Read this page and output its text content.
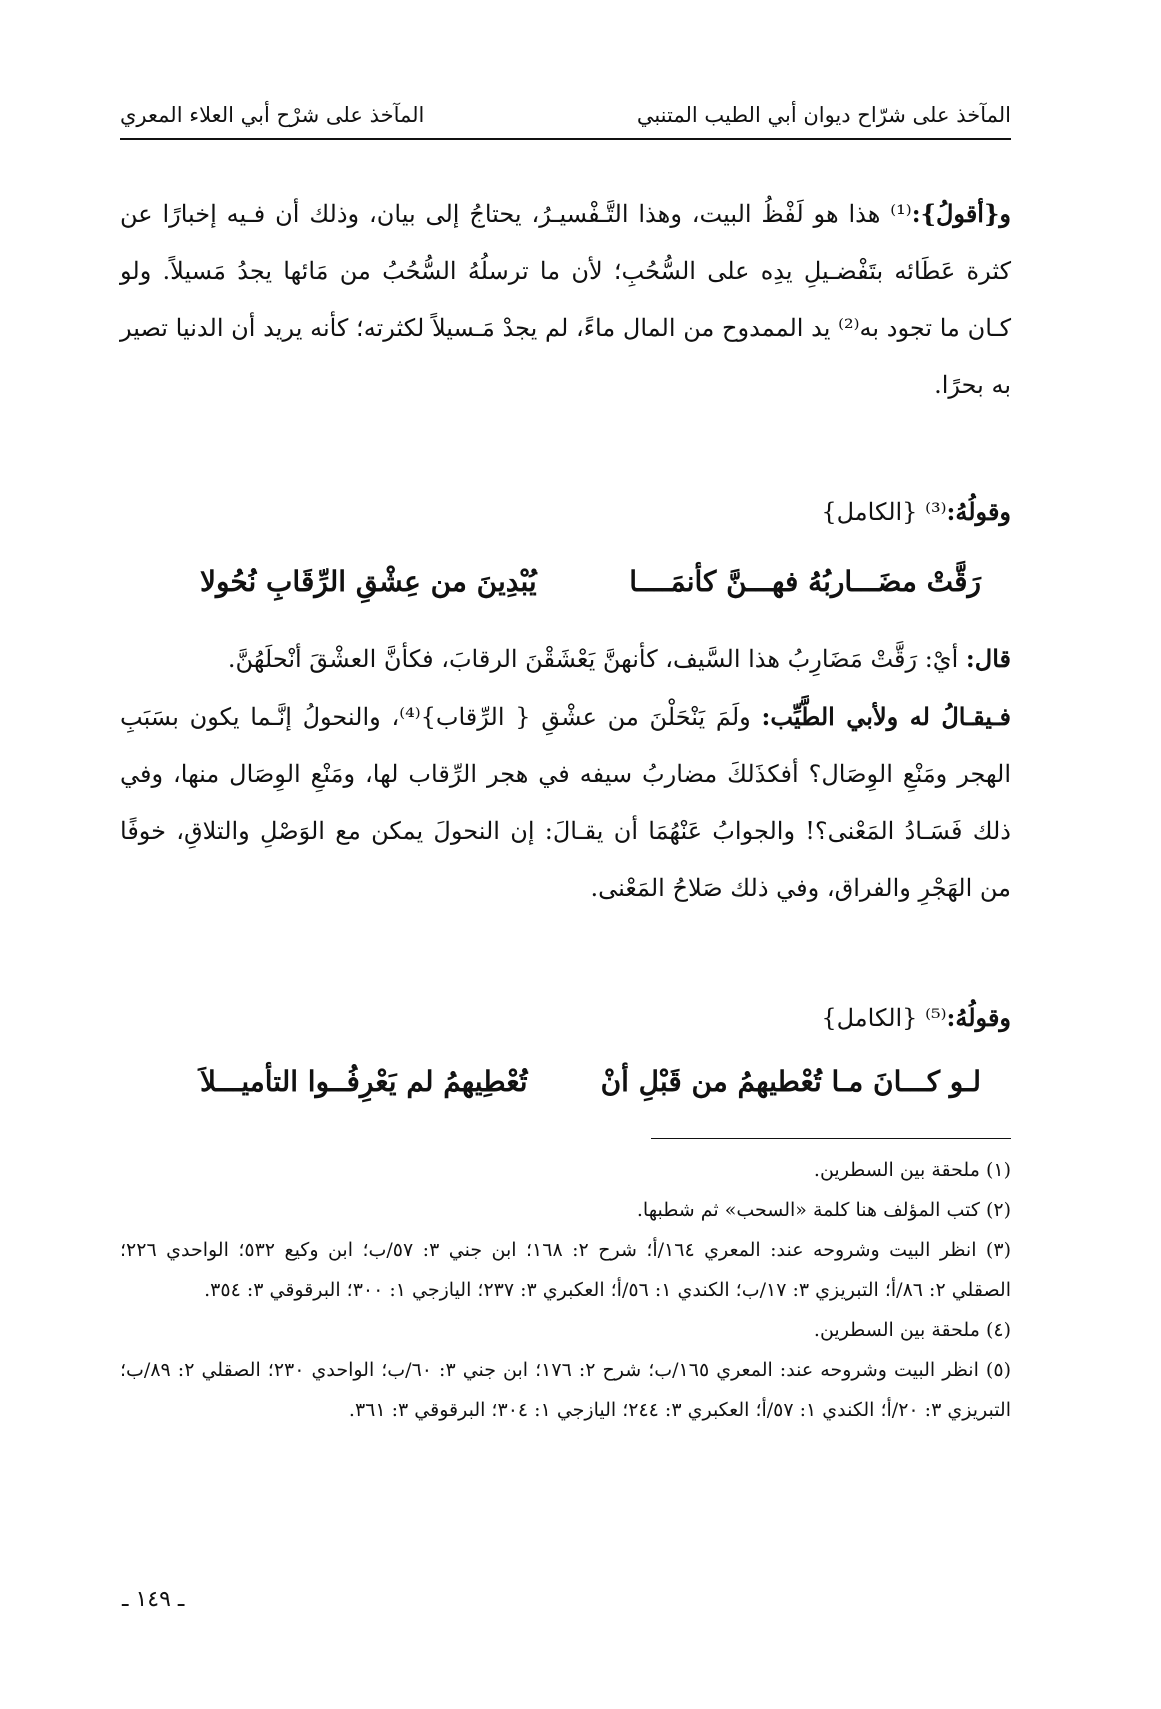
المآخذ على شرّاح ديوان أبي الطيب المتنبي
المآخذ على شرْح أبي العلاء المعري
و{أقولُ}:⁽¹⁾ هذا هو لَفْظُ البيت، وهذا التَّـفْسيـرُ، يحتاجُ إلى بيان، وذلك أن فـيه إخبارًا عن كثرة عَطَائه بتَفْضـيلِ يدِه على السُّحُبِ؛ لأن ما ترسلُهُ السُّحُبُ من مَائها يجدُ مَسيلاً. ولو كـان ما تجود به⁽²⁾ يد الممدوح من المال ماءً، لم يجدْ مَـسيلاً لكثرته؛ كأنه يريد أن الدنيا تصير به بحرًا.
وقولُهُ:⁽³⁾ {الكامل}
رَقَّتْ مضَـــاربُهُ فهـــنَّ كأنمَــــا
يُبْدِينَ من عِشْقِ الرِّقَابِ نُحُولا
قال: أيْ: رَقَّتْ مَضَارِبُ هذا السَّيف، كأنهنَّ يَعْشَقْنَ الرقابَ، فكأنَّ العشْقَ أنْحلَهُنَّ.
فـيقـالُ له ولأبي الطَّيِّب: ولَمَ يَنْحَلْنَ من عشْقِ { الرِّقاب}⁽⁴⁾، والنحولُ إنَّـما يكون بسَبَبِ الهجر ومَنْعِ الوِصَال؟ أفكذَلكَ مضاربُ سيفه في هجر الرِّقاب لها، ومَنْعِ الوِصَال منها، وفي ذلك فَسَـادُ المَعْنى؟! والجوابُ عَنْهُمَا أن يقـالَ: إن النحولَ يمكن مع الوَصْلِ والتلاقِ، خوفًا من الهَجْرِ والفراق، وفي ذلك صَلاحُ المَعْنى.
وقولُهُ:⁽⁵⁾ {الكامل}
لـو كـــانَ مـا تُعْطيهمُ من قَبْلِ أنْ
تُعْطِيهمُ لم يَعْرِفُــوا التأميـــلاَ
(١) ملحقة بين السطرين.
(٢) كتب المؤلف هنا كلمة «السحب» ثم شطبها.
(٣) انظر البيت وشروحه عند: المعري ١٦٤/أ؛ شرح ٢: ١٦٨؛ ابن جني ٣: ٥٧/ب؛ ابن وكيع ٥٣٢؛ الواحدي ٢٢٦؛ الصقلي ٢: ٨٦/أ؛ التبريزي ٣: ١٧/ب؛ الكندي ١: ٥٦/أ؛ العكبري ٣: ٢٣٧؛ اليازجي ١: ٣٠٠؛ البرقوقي ٣: ٣٥٤.
(٤) ملحقة بين السطرين.
(٥) انظر البيت وشروحه عند: المعري ١٦٥/ب؛ شرح ٢: ١٧٦؛ ابن جني ٣: ٦٠/ب؛ الواحدي ٢٣٠؛ الصقلي ٢: ٨٩/ب؛ التبريزي ٣: ٢٠/أ؛ الكندي ١: ٥٧/أ؛ العكبري ٣: ٢٤٤؛ اليازجي ١: ٣٠٤؛ البرقوقي ٣: ٣٦١.
ـ ١٤٩ ـ
